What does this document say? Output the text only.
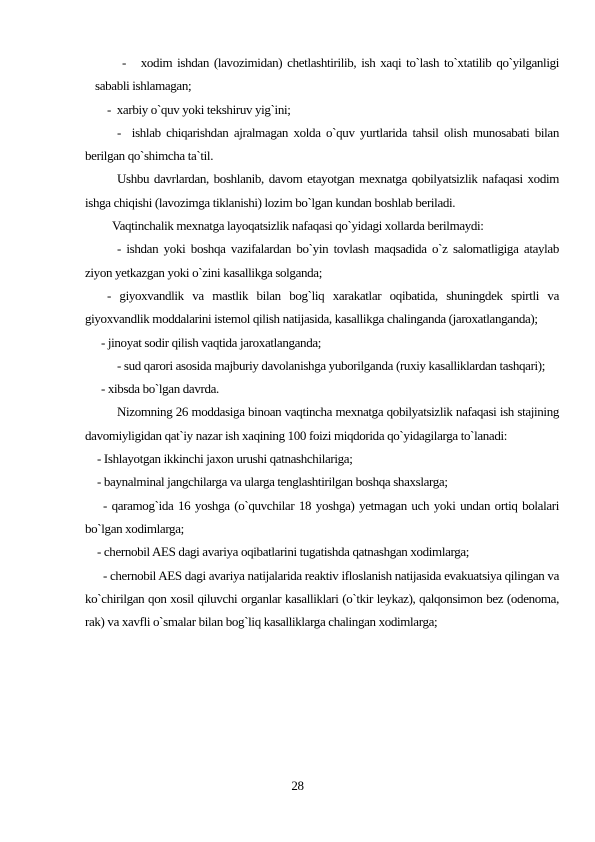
-   xodim ishdan (lavozimidan) chetlashtirilib, ish xaqi to`lash to`xtatilib qo`yilganligi sababli ishlamagan;

-  xarbiy o`quv yoki tekshiruv yig`ini;

-  ishlab chiqarishdan ajralmagan xolda o`quv yurtlarida tahsil olish munosabati bilan berilgan qo`shimcha ta`til.

Ushbu davrlardan, boshlanib, davom etayotgan mexnatga qobilyatsizlik nafaqasi xodim ishga chiqishi (lavozimga tiklanishi) lozim bo`lgan kundan boshlab beriladi.

Vaqtinchalik mexnatga layoqatsizlik nafaqasi qo`yidagi xollarda berilmaydi:

- ishdan yoki boshqa vazifalardan bo`yin tovlash maqsadida o`z salomatligiga ataylab ziyon yetkazgan yoki o`zini kasallikga solganda;

- giyoxvandlik va mastlik bilan bog`liq xarakatlar oqibatida, shuningdek spirtli va giyoxvandlik moddalarini istemol qilish natijasida, kasallikga chalinganda (jaroxatlanganda);

- jinoyat sodir qilish vaqtida jaroxatlanganda;

- sud qarori asosida majburiy davolanishga yuborilganda (ruxiy kasalliklardan tashqari);

- xibsda bo`lgan davrda.

Nizomning 26 moddasiga binoan vaqtincha mexnatga qobilyatsizlik nafaqasi ish stajining davomiyligidan qat`iy nazar ish xaqining 100 foizi miqdorida qo`yidagilarga to`lanadi:

- Ishlayotgan ikkinchi jaxon urushi qatnashchilariga;

- baynalminal jangchilarga va ularga tenglashtirilgan boshqa shaxslarga;

- qaramog`ida 16 yoshga (o`quvchilar 18 yoshga) yetmagan uch yoki undan ortiq bolalari bo`lgan xodimlarga;

- chernobil AES dagi avariya oqibatlarini tugatishda qatnashgan xodimlarga;

- chernobil AES dagi avariya natijalarida reaktiv ifloslanish natijasida evakuatsiya qilingan va ko`chirilgan qon xosil qiluvchi organlar kasalliklari (o`tkir leykaz), qalqonsimon bez (odenoma, rak) va xavfli o`smalar bilan bog`liq kasalliklarga chalingan xodimlarga;

28
